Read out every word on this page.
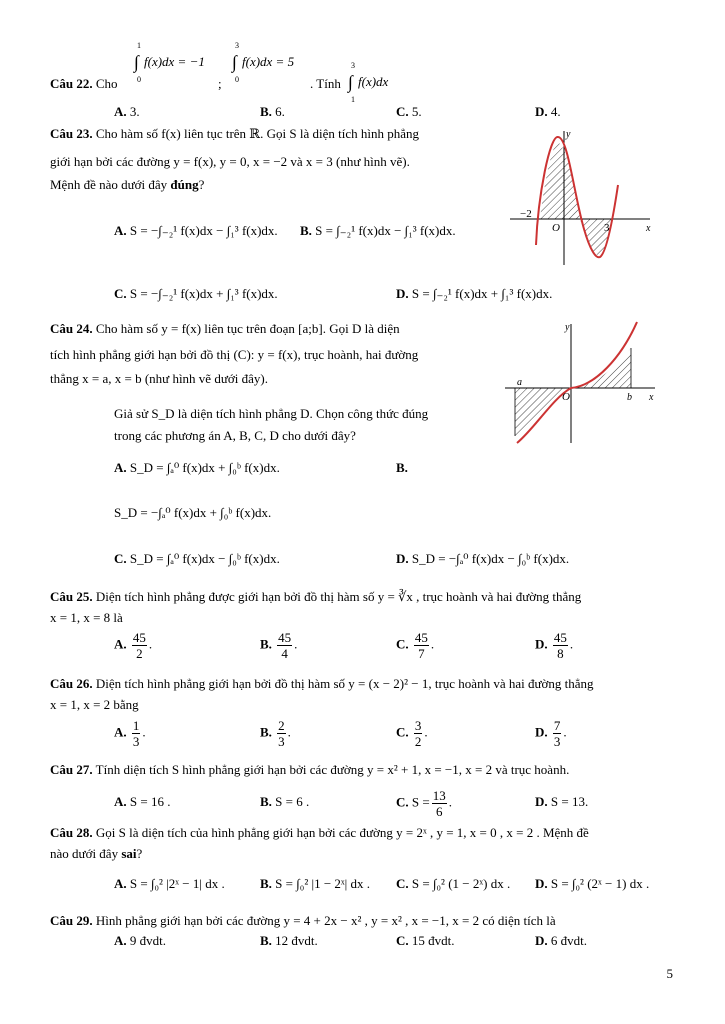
Câu 22. Cho
∫
1
0
f(x)dx = −1
;
∫
3
0
f(x)dx = 5
. Tính ∫
3
1
f(x)dx
A. 3.	B. 6.	C. 5.	D. 4.
Câu 23. Cho hàm số f(x) liên tục trên ℝ. Gọi S là diện tích hình phẳng
giới hạn bởi các đường y = f(x), y = 0, x = −2 và x = 3 (như hình vẽ).
Mệnh đề nào dưới đây đúng?
A. S = −∫₋₂¹ f(x)dx − ∫₁³ f(x)dx. B. S = ∫₋₂¹ f(x)dx − ∫₁³ f(x)dx.
C. S = −∫₋₂¹ f(x)dx + ∫₁³ f(x)dx.	D. S = ∫₋₂¹ f(x)dx + ∫₁³ f(x)dx.
y
x
O
−2
3
Câu 24. Cho hàm số y = f(x) liên tục trên đoạn [a;b]. Gọi D là diện
tích hình phẳng giới hạn bởi đồ thị (C): y = f(x), trục hoành, hai đường
thẳng x = a, x = b (như hình vẽ dưới đây).
Giả sử S_D là diện tích hình phẳng D. Chọn công thức đúng
trong các phương án A, B, C, D cho dưới đây?
A. S_D = ∫ₐ⁰ f(x)dx + ∫₀ᵇ f(x)dx.	B.
S_D = −∫ₐ⁰ f(x)dx + ∫₀ᵇ f(x)dx.
C. S_D = ∫ₐ⁰ f(x)dx − ∫₀ᵇ f(x)dx.	D. S_D = −∫ₐ⁰ f(x)dx − ∫₀ᵇ f(x)dx.
y
x
O
a
b
Câu 25. Diện tích hình phẳng được giới hạn bởi đồ thị hàm số y = ∛x , trục hoành và hai đường thẳng
x = 1, x = 8 là
A. $\frac{45}{2}$ .	B. $\frac{45}{4}$ .	C. $\frac{45}{7}$ .	D. $\frac{45}{8}$ .
Câu 26. Diện tích hình phẳng giới hạn bởi đồ thị hàm số y = (x − 2)² − 1, trục hoành và hai đường thẳng
x = 1, x = 2 bằng
A. $\frac{1}{3}$ .	B. $\frac{2}{3}$ .	C. $\frac{3}{2}$ .	D. $\frac{7}{3}$ .
Câu 27. Tính diện tích S hình phẳng giới hạn bởi các đường y = x² + 1, x = −1, x = 2 và trục hoành.
A. S = 16 .	B. S = 6 .	C. $S = \frac{13}{6}$ .	D. S = 13.
Câu 28. Gọi S là diện tích của hình phẳng giới hạn bởi các đường y = 2ˣ , y = 1, x = 0 , x = 2 . Mệnh đề
nào dưới đây sai?
A. S = ∫₀² |2ˣ − 1| dx .	B. S = ∫₀² |1 − 2ˣ| dx . C. S = ∫₀² (1 − 2ˣ) dx . D. S = ∫₀² (2ˣ − 1) dx .
Câu 29. Hình phẳng giới hạn bởi các đường y = 4 + 2x − x² , y = x² , x = −1, x = 2 có diện tích là
A. 9 đvdt.	B. 12 đvdt.	C. 15 đvdt.	D. 6 đvdt.
5
